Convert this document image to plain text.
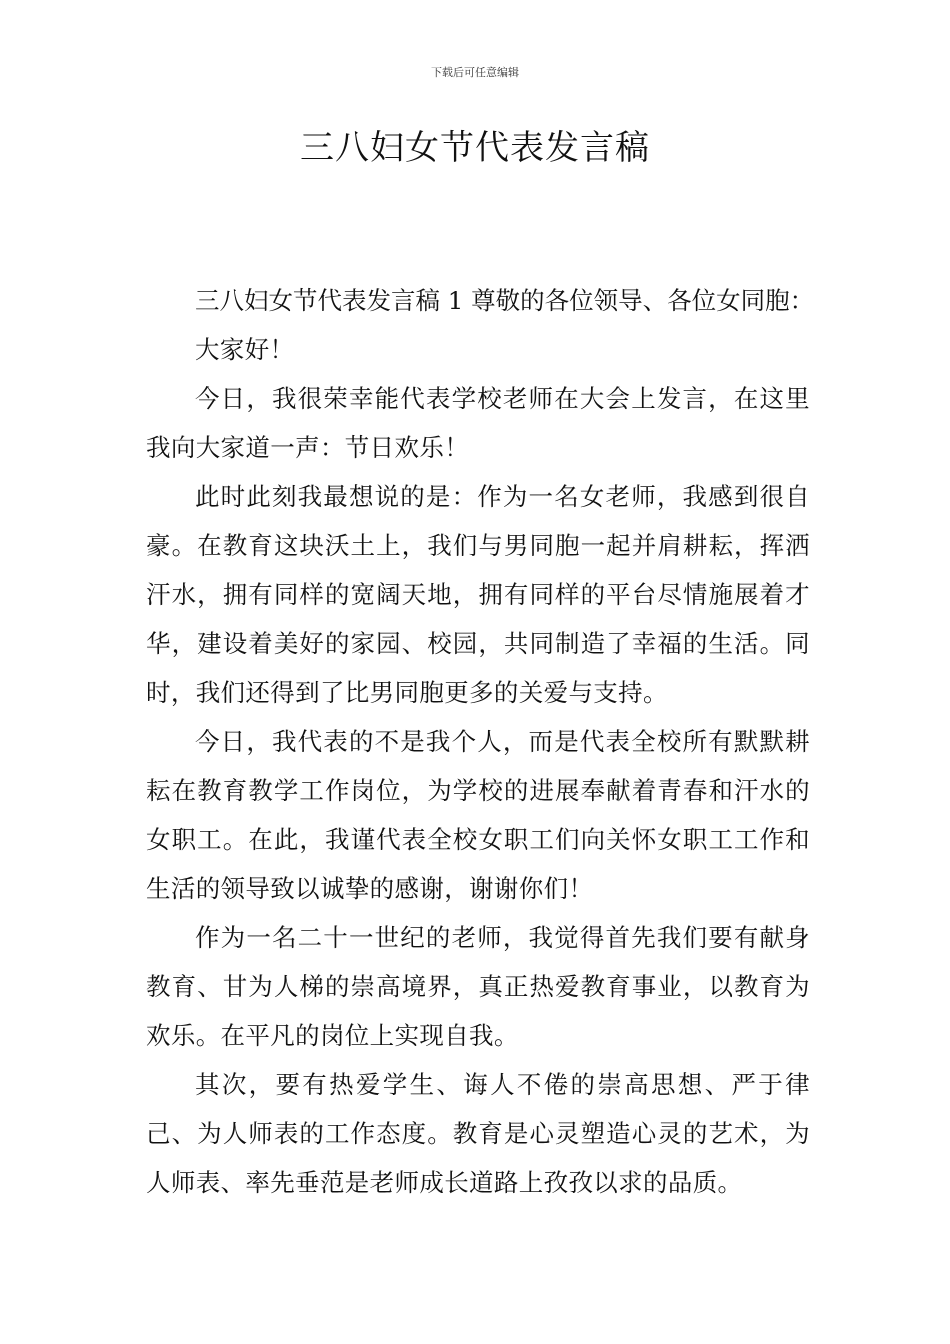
下载后可任意编辑
三八妇女节代表发言稿

三八妇女节代表发言稿 1 尊敬的各位领导、各位女同胞：

大家好！

今日，我很荣幸能代表学校老师在大会上发言，在这里我向大家道一声：节日欢乐！

此时此刻我最想说的是：作为一名女老师，我感到很自豪。在教育这块沃土上，我们与男同胞一起并肩耕耘，挥洒汗水，拥有同样的宽阔天地，拥有同样的平台尽情施展着才华，建设着美好的家园、校园，共同制造了幸福的生活。同时，我们还得到了比男同胞更多的关爱与支持。

今日，我代表的不是我个人，而是代表全校所有默默耕耘在教育教学工作岗位，为学校的进展奉献着青春和汗水的女职工。在此，我谨代表全校女职工们向关怀女职工工作和生活的领导致以诚挚的感谢，谢谢你们！

作为一名二十一世纪的老师，我觉得首先我们要有献身教育、甘为人梯的崇高境界，真正热爱教育事业，以教育为欢乐。在平凡的岗位上实现自我。

其次，要有热爱学生、诲人不倦的崇高思想、严于律己、为人师表的工作态度。教育是心灵塑造心灵的艺术，为人师表、率先垂范是老师成长道路上孜孜以求的品质。
